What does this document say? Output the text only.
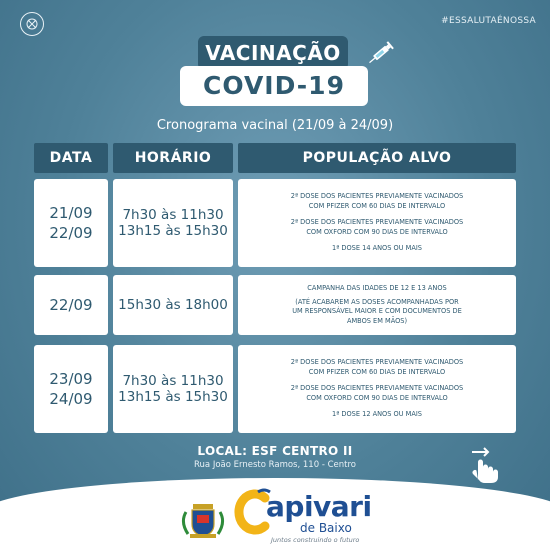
#ESSALUTAÉNOSSA
VACINAÇÃO
COVID-19
Cronograma vacinal (21/09 à 24/09)
DATA	HORÁRIO	POPULAÇÃO ALVO
21/09
22/09
7h30 às 11h30
13h15 às 15h30
2ª DOSE DOS PACIENTES PREVIAMENTE VACINADOS
COM PFIZER COM 60 DIAS DE INTERVALO
2ª DOSE DOS PACIENTES PREVIAMENTE VACINADOS
COM OXFORD COM 90 DIAS DE INTERVALO
1ª DOSE 14 ANOS OU MAIS
22/09 15h30 às 18h00
CAMPANHA DAS IDADES DE 12 E 13 ANOS
(ATÉ ACABAREM AS DOSES ACOMPANHADAS POR
UM RESPONSÁVEL MAIOR E COM DOCUMENTOS DE
AMBOS EM MÃOS)
23/09
24/09
7h30 às 11h30
13h15 às 15h30
2ª DOSE DOS PACIENTES PREVIAMENTE VACINADOS
COM PFIZER COM 60 DIAS DE INTERVALO
2ª DOSE DOS PACIENTES PREVIAMENTE VACINADOS
COM OXFORD COM 90 DIAS DE INTERVALO
1ª DOSE 12 ANOS OU MAIS
LOCAL: ESF CENTRO II
Rua João Ernesto Ramos, 110 - Centro
apivari
de Baixo
Juntos construindo o futuro
